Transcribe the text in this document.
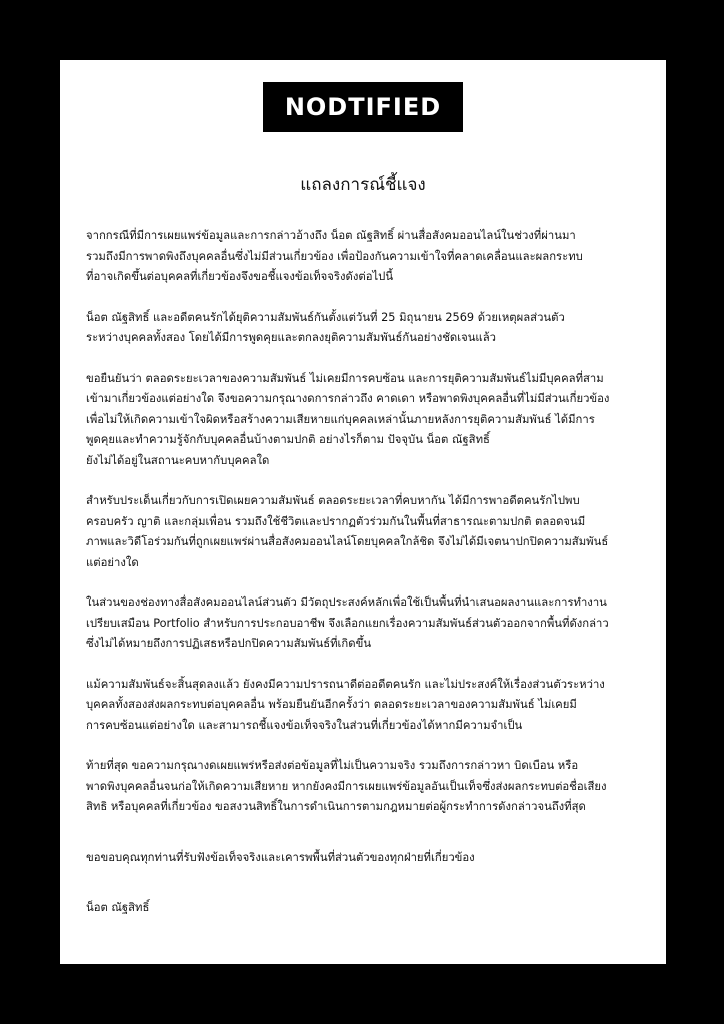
NODTIFIED
แถลงการณ์ชี้แจง

จากกรณีที่มีการเผยแพร่ข้อมูลและการกล่าวอ้างถึง น็อต ณัฐสิทธิ์ ผ่านสื่อสังคมออนไลน์ในช่วงที่ผ่านมา
รวมถึงมีการพาดพิงถึงบุคคลอื่นซึ่งไม่มีส่วนเกี่ยวข้อง เพื่อป้องกันความเข้าใจที่คลาดเคลื่อนและผลกระทบ
ที่อาจเกิดขึ้นต่อบุคคลที่เกี่ยวข้องจึงขอชี้แจงข้อเท็จจริงดังต่อไปนี้

น็อต ณัฐสิทธิ์ และอดีตคนรักได้ยุติความสัมพันธ์กันตั้งแต่วันที่ 25 มิถุนายน 2569 ด้วยเหตุผลส่วนตัว
ระหว่างบุคคลทั้งสอง โดยได้มีการพูดคุยและตกลงยุติความสัมพันธ์กันอย่างชัดเจนแล้ว

ขอยืนยันว่า ตลอดระยะเวลาของความสัมพันธ์ ไม่เคยมีการคบซ้อน และการยุติความสัมพันธ์ไม่มีบุคคลที่สาม
เข้ามาเกี่ยวข้องแต่อย่างใด จึงขอความกรุณางดการกล่าวถึง คาดเดา หรือพาดพิงบุคคลอื่นที่ไม่มีส่วนเกี่ยวข้อง
เพื่อไม่ให้เกิดความเข้าใจผิดหรือสร้างความเสียหายแก่บุคคลเหล่านั้นภายหลังการยุติความสัมพันธ์ ได้มีการ
พูดคุยและทำความรู้จักกับบุคคลอื่นบ้างตามปกติ อย่างไรก็ตาม ปัจจุบัน น็อต ณัฐสิทธิ์
ยังไม่ได้อยู่ในสถานะคบหากับบุคคลใด

สำหรับประเด็นเกี่ยวกับการเปิดเผยความสัมพันธ์ ตลอดระยะเวลาที่คบหากัน ได้มีการพาอดีตคนรักไปพบ
ครอบครัว ญาติ และกลุ่มเพื่อน รวมถึงใช้ชีวิตและปรากฏตัวร่วมกันในพื้นที่สาธารณะตามปกติ ตลอดจนมี
ภาพและวิดีโอร่วมกันที่ถูกเผยแพร่ผ่านสื่อสังคมออนไลน์โดยบุคคลใกล้ชิด จึงไม่ได้มีเจตนาปกปิดความสัมพันธ์
แต่อย่างใด

ในส่วนของช่องทางสื่อสังคมออนไลน์ส่วนตัว มีวัตถุประสงค์หลักเพื่อใช้เป็นพื้นที่นำเสนอผลงานและการทำงาน
เปรียบเสมือน Portfolio สำหรับการประกอบอาชีพ จึงเลือกแยกเรื่องความสัมพันธ์ส่วนตัวออกจากพื้นที่ดังกล่าว
ซึ่งไม่ได้หมายถึงการปฏิเสธหรือปกปิดความสัมพันธ์ที่เกิดขึ้น

แม้ความสัมพันธ์จะสิ้นสุดลงแล้ว ยังคงมีความปรารถนาดีต่ออดีตคนรัก และไม่ประสงค์ให้เรื่องส่วนตัวระหว่าง
บุคคลทั้งสองส่งผลกระทบต่อบุคคลอื่น พร้อมยืนยันอีกครั้งว่า ตลอดระยะเวลาของความสัมพันธ์ ไม่เคยมี
การคบซ้อนแต่อย่างใด และสามารถชี้แจงข้อเท็จจริงในส่วนที่เกี่ยวข้องได้หากมีความจำเป็น

ท้ายที่สุด ขอความกรุณางดเผยแพร่หรือส่งต่อข้อมูลที่ไม่เป็นความจริง รวมถึงการกล่าวหา บิดเบือน หรือ
พาดพิงบุคคลอื่นจนก่อให้เกิดความเสียหาย หากยังคงมีการเผยแพร่ข้อมูลอันเป็นเท็จซึ่งส่งผลกระทบต่อชื่อเสียง
สิทธิ หรือบุคคลที่เกี่ยวข้อง ขอสงวนสิทธิ์ในการดำเนินการตามกฎหมายต่อผู้กระทำการดังกล่าวจนถึงที่สุด

ขอขอบคุณทุกท่านที่รับฟังข้อเท็จจริงและเคารพพื้นที่ส่วนตัวของทุกฝ่ายที่เกี่ยวข้อง

น็อต ณัฐสิทธิ์
